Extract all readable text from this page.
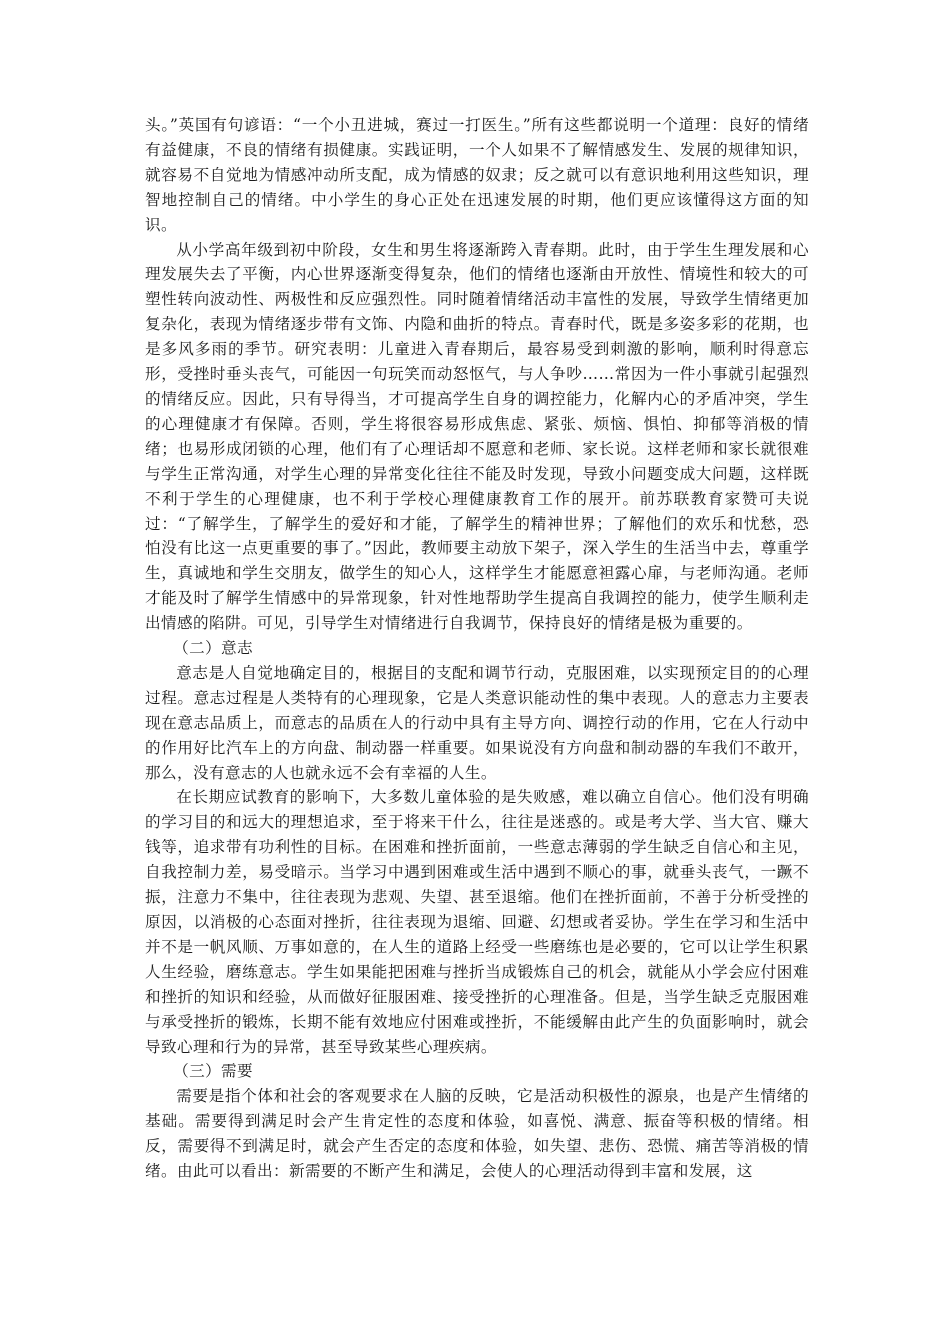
头。”英国有句谚语：“一个小丑进城，赛过一打医生。”所有这些都说明一个道理：良好的情绪有益健康，不良的情绪有损健康。实践证明，一个人如果不了解情感发生、发展的规律知识，就容易不自觉地为情感冲动所支配，成为情感的奴隶；反之就可以有意识地利用这些知识，理智地控制自己的情绪。中小学生的身心正处在迅速发展的时期，他们更应该懂得这方面的知识。

从小学高年级到初中阶段，女生和男生将逐渐跨入青春期。此时，由于学生生理发展和心理发展失去了平衡，内心世界逐渐变得复杂，他们的情绪也逐渐由开放性、情境性和较大的可塑性转向波动性、两极性和反应强烈性。同时随着情绪活动丰富性的发展，导致学生情绪更加复杂化，表现为情绪逐步带有文饰、内隐和曲折的特点。青春时代，既是多姿多彩的花期，也是多风多雨的季节。研究表明：儿童进入青春期后，最容易受到刺激的影响，顺利时得意忘形，受挫时垂头丧气，可能因一句玩笑而动怒怄气，与人争吵……常因为一件小事就引起强烈的情绪反应。因此，只有导得当，才可提高学生自身的调控能力，化解内心的矛盾冲突，学生的心理健康才有保障。否则，学生将很容易形成焦虑、紧张、烦恼、惧怕、抑郁等消极的情绪；也易形成闭锁的心理，他们有了心理话却不愿意和老师、家长说。这样老师和家长就很难与学生正常沟通，对学生心理的异常变化往往不能及时发现，导致小问题变成大问题，这样既不利于学生的心理健康，也不利于学校心理健康教育工作的展开。前苏联教育家赞可夫说过：“了解学生，了解学生的爱好和才能，了解学生的精神世界；了解他们的欢乐和忧愁，恐怕没有比这一点更重要的事了。”因此，教师要主动放下架子，深入学生的生活当中去，尊重学生，真诚地和学生交朋友，做学生的知心人，这样学生才能愿意袒露心扉，与老师沟通。老师才能及时了解学生情感中的异常现象，针对性地帮助学生提高自我调控的能力，使学生顺利走出情感的陷阱。可见，引导学生对情绪进行自我调节，保持良好的情绪是极为重要的。

（二）意志

意志是人自觉地确定目的，根据目的支配和调节行动，克服困难，以实现预定目的的心理过程。意志过程是人类特有的心理现象，它是人类意识能动性的集中表现。人的意志力主要表现在意志品质上，而意志的品质在人的行动中具有主导方向、调控行动的作用，它在人行动中的作用好比汽车上的方向盘、制动器一样重要。如果说没有方向盘和制动器的车我们不敢开，那么，没有意志的人也就永远不会有幸福的人生。

在长期应试教育的影响下，大多数儿童体验的是失败感，难以确立自信心。他们没有明确的学习目的和远大的理想追求，至于将来干什么，往往是迷惑的。或是考大学、当大官、赚大钱等，追求带有功利性的目标。在困难和挫折面前，一些意志薄弱的学生缺乏自信心和主见，自我控制力差，易受暗示。当学习中遇到困难或生活中遇到不顺心的事，就垂头丧气，一蹶不振，注意力不集中，往往表现为悲观、失望、甚至退缩。他们在挫折面前，不善于分析受挫的原因，以消极的心态面对挫折，往往表现为退缩、回避、幻想或者妥协。学生在学习和生活中并不是一帆风顺、万事如意的，在人生的道路上经受一些磨练也是必要的，它可以让学生积累人生经验，磨练意志。学生如果能把困难与挫折当成锻炼自己的机会，就能从小学会应付困难和挫折的知识和经验，从而做好征服困难、接受挫折的心理准备。但是，当学生缺乏克服困难与承受挫折的锻炼，长期不能有效地应付困难或挫折，不能缓解由此产生的负面影响时，就会导致心理和行为的异常，甚至导致某些心理疾病。

（三）需要

需要是指个体和社会的客观要求在人脑的反映，它是活动积极性的源泉，也是产生情绪的基础。需要得到满足时会产生肯定性的态度和体验，如喜悦、满意、振奋等积极的情绪。相反，需要得不到满足时，就会产生否定的态度和体验，如失望、悲伤、恐慌、痛苦等消极的情绪。由此可以看出：新需要的不断产生和满足，会使人的心理活动得到丰富和发展，这
